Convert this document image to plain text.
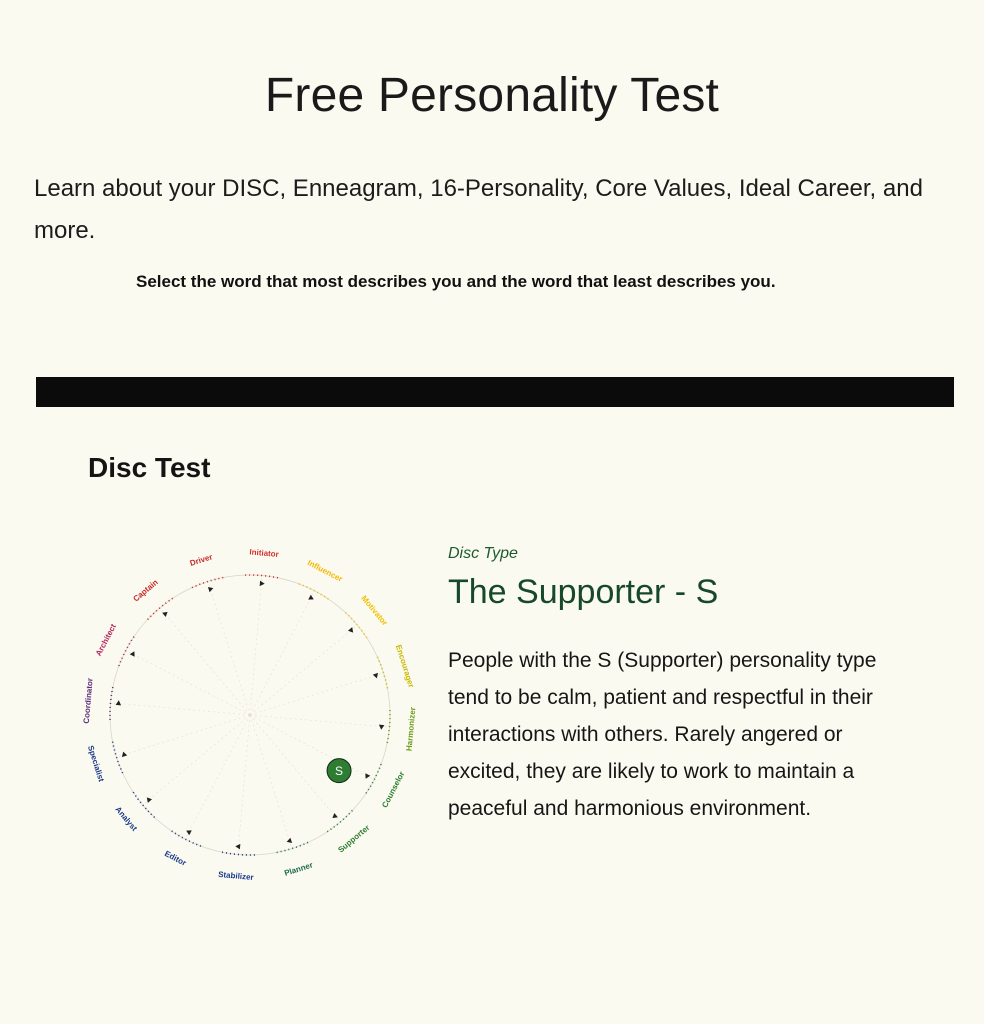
Free Personality Test

Learn about your DISC, Enneagram, 16-Personality, Core Values, Ideal Career, and more.

Select the word that most describes you and the word that least describes you.

Disc Test
Initiator
Influencer
Motivator
Encourager
Harmonizer
Counselor
Supporter
Planner
Stabilizer
Editor
Analyst
Specialist
Coordinator
Architect
Captain
Driver
S

Disc Type

The Supporter - S

People with the S (Supporter) personality type tend to be calm, patient and respectful in their interactions with others. Rarely angered or excited, they are likely to work to maintain a peaceful and harmonious environment.
